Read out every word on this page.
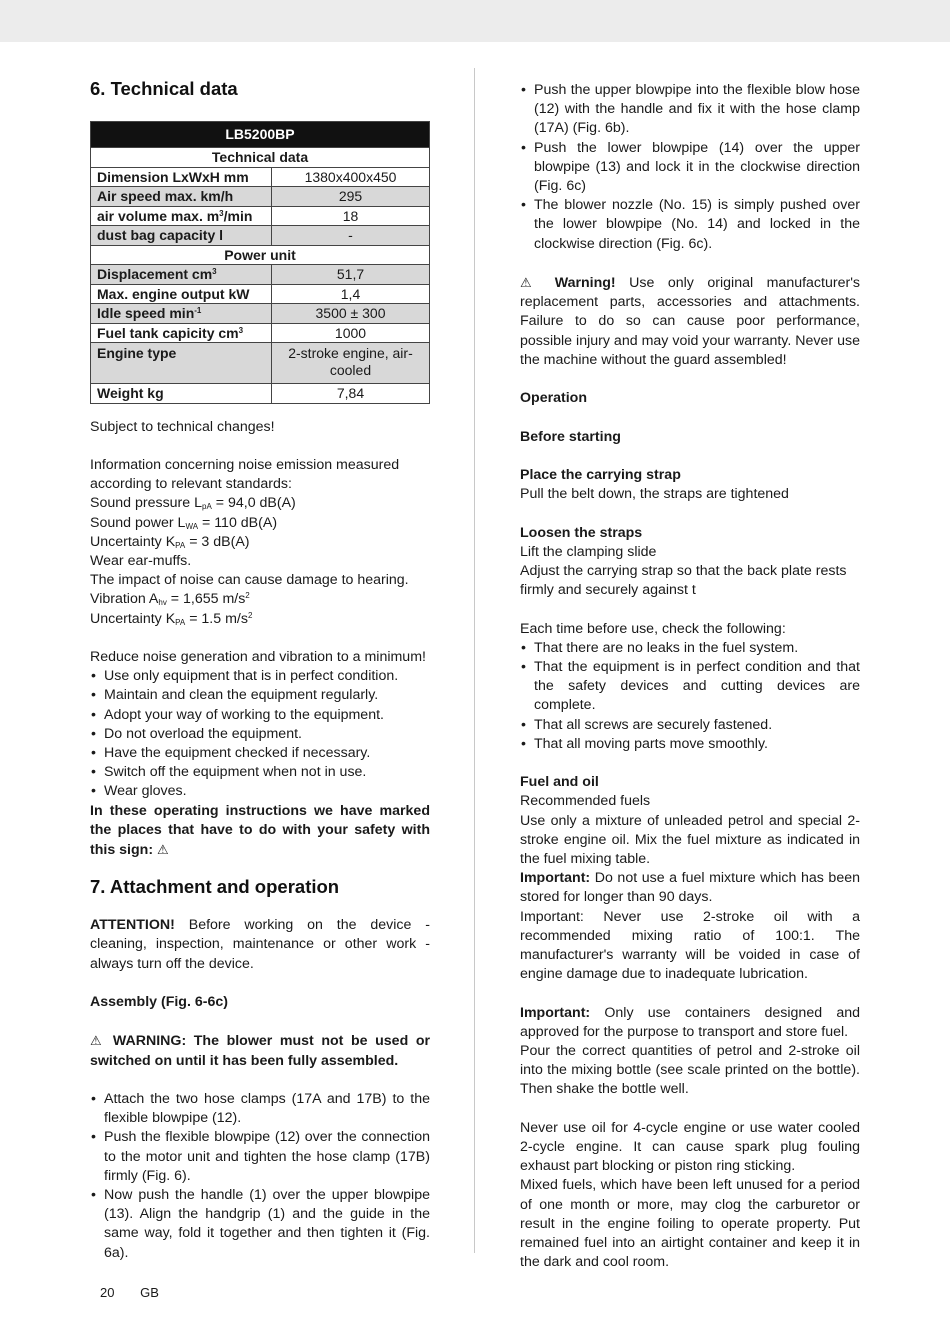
6. Technical data
LB5200BP	
Technical data	
Dimension LxWxH mm	1380x400x450
Air speed max. km/h	295
air volume max. $m^3/\min$	18
dust bag capacity l	-
Power unit	
Displacement $cm^3$	51,7
Max. engine output kW	1,4
Idle speed $\min^{-1}$	3500 ± 300
Fuel tank capicity $cm^3$	1000
Engine type	2-stroke engine, air-cooled
Weight kg	7,84

Subject to technical changes!

Information concerning noise emission measured according to relevant standards:

Sound pressure $L_{pA} = 94,0$ dB(A)

Sound power $L_{WA} = 110$ dB(A)

Uncertainty $K_{PA} = 3$ dB(A)

Wear ear-muffs.

The impact of noise can cause damage to hearing.

Vibration $A_{hv} = 1,655$ $m/s^2$

Uncertainty $K_{PA} = 1.5$ $m/s^2$

Reduce noise generation and vibration to a minimum!

• Use only equipment that is in perfect condition.
• Maintain and clean the equipment regularly.
• Adopt your way of working to the equipment.
• Do not overload the equipment.
• Have the equipment checked if necessary.
• Switch off the equipment when not in use.
• Wear gloves.

In these operating instructions we have marked the places that have to do with your safety with this sign: ⚠

7. Attachment and operation

ATTENTION! Before working on the device - cleaning, inspection, maintenance or other work - always turn off the device.

Assembly (Fig. 6-6c)

⚠ WARNING: The blower must not be used or switched on until it has been fully assembled.

• Attach the two hose clamps (17A and 17B) to the flexible blowpipe (12).
• Push the flexible blowpipe (12) over the connection to the motor unit and tighten the hose clamp (17B) firmly (Fig. 6).
• Now push the handle (1) over the upper blowpipe (13). Align the handgrip (1) and the guide in the same way, fold it together and then tighten it (Fig. 6a).
• Push the upper blowpipe into the flexible blow hose (12) with the handle and fix it with the hose clamp (17A) (Fig. 6b).
• Push the lower blowpipe (14) over the upper blowpipe (13) and lock it in the clockwise direction (Fig. 6c)
• The blower nozzle (No. 15) is simply pushed over the lower blowpipe (No. 14) and locked in the clockwise direction (Fig. 6c).

⚠ Warning! Use only original manufacturer's replacement parts, accessories and attachments. Failure to do so can cause poor performance, possible injury and may void your warranty. Never use the machine without the guard assembled!

Operation

Before starting

Place the carrying strap

Pull the belt down, the straps are tightened

Loosen the straps

Lift the clamping slide

Adjust the carrying strap so that the back plate rests firmly and securely against t

Each time before use, check the following:

• That there are no leaks in the fuel system.
• That the equipment is in perfect condition and that the safety devices and cutting devices are complete.
• That all screws are securely fastened.
• That all moving parts move smoothly.

Fuel and oil

Recommended fuels

Use only a mixture of unleaded petrol and special 2-stroke engine oil. Mix the fuel mixture as indicated in the fuel mixing table.

Important: Do not use a fuel mixture which has been stored for longer than 90 days.

Important: Never use 2-stroke oil with a recommended mixing ratio of 100:1. The manufacturer's warranty will be voided in case of engine damage due to inadequate lubrication.

Important: Only use containers designed and approved for the purpose to transport and store fuel.

Pour the correct quantities of petrol and 2-stroke oil into the mixing bottle (see scale printed on the bottle). Then shake the bottle well.

Never use oil for 4-cycle engine or use water cooled 2-cycle engine. It can cause spark plug fouling exhaust part blocking or piston ring sticking.

Mixed fuels, which have been left unused for a period of one month or more, may clog the carburetor or result in the engine foiling to operate property. Put remained fuel into an airtight container and keep it in the dark and cool room.

20 GB
